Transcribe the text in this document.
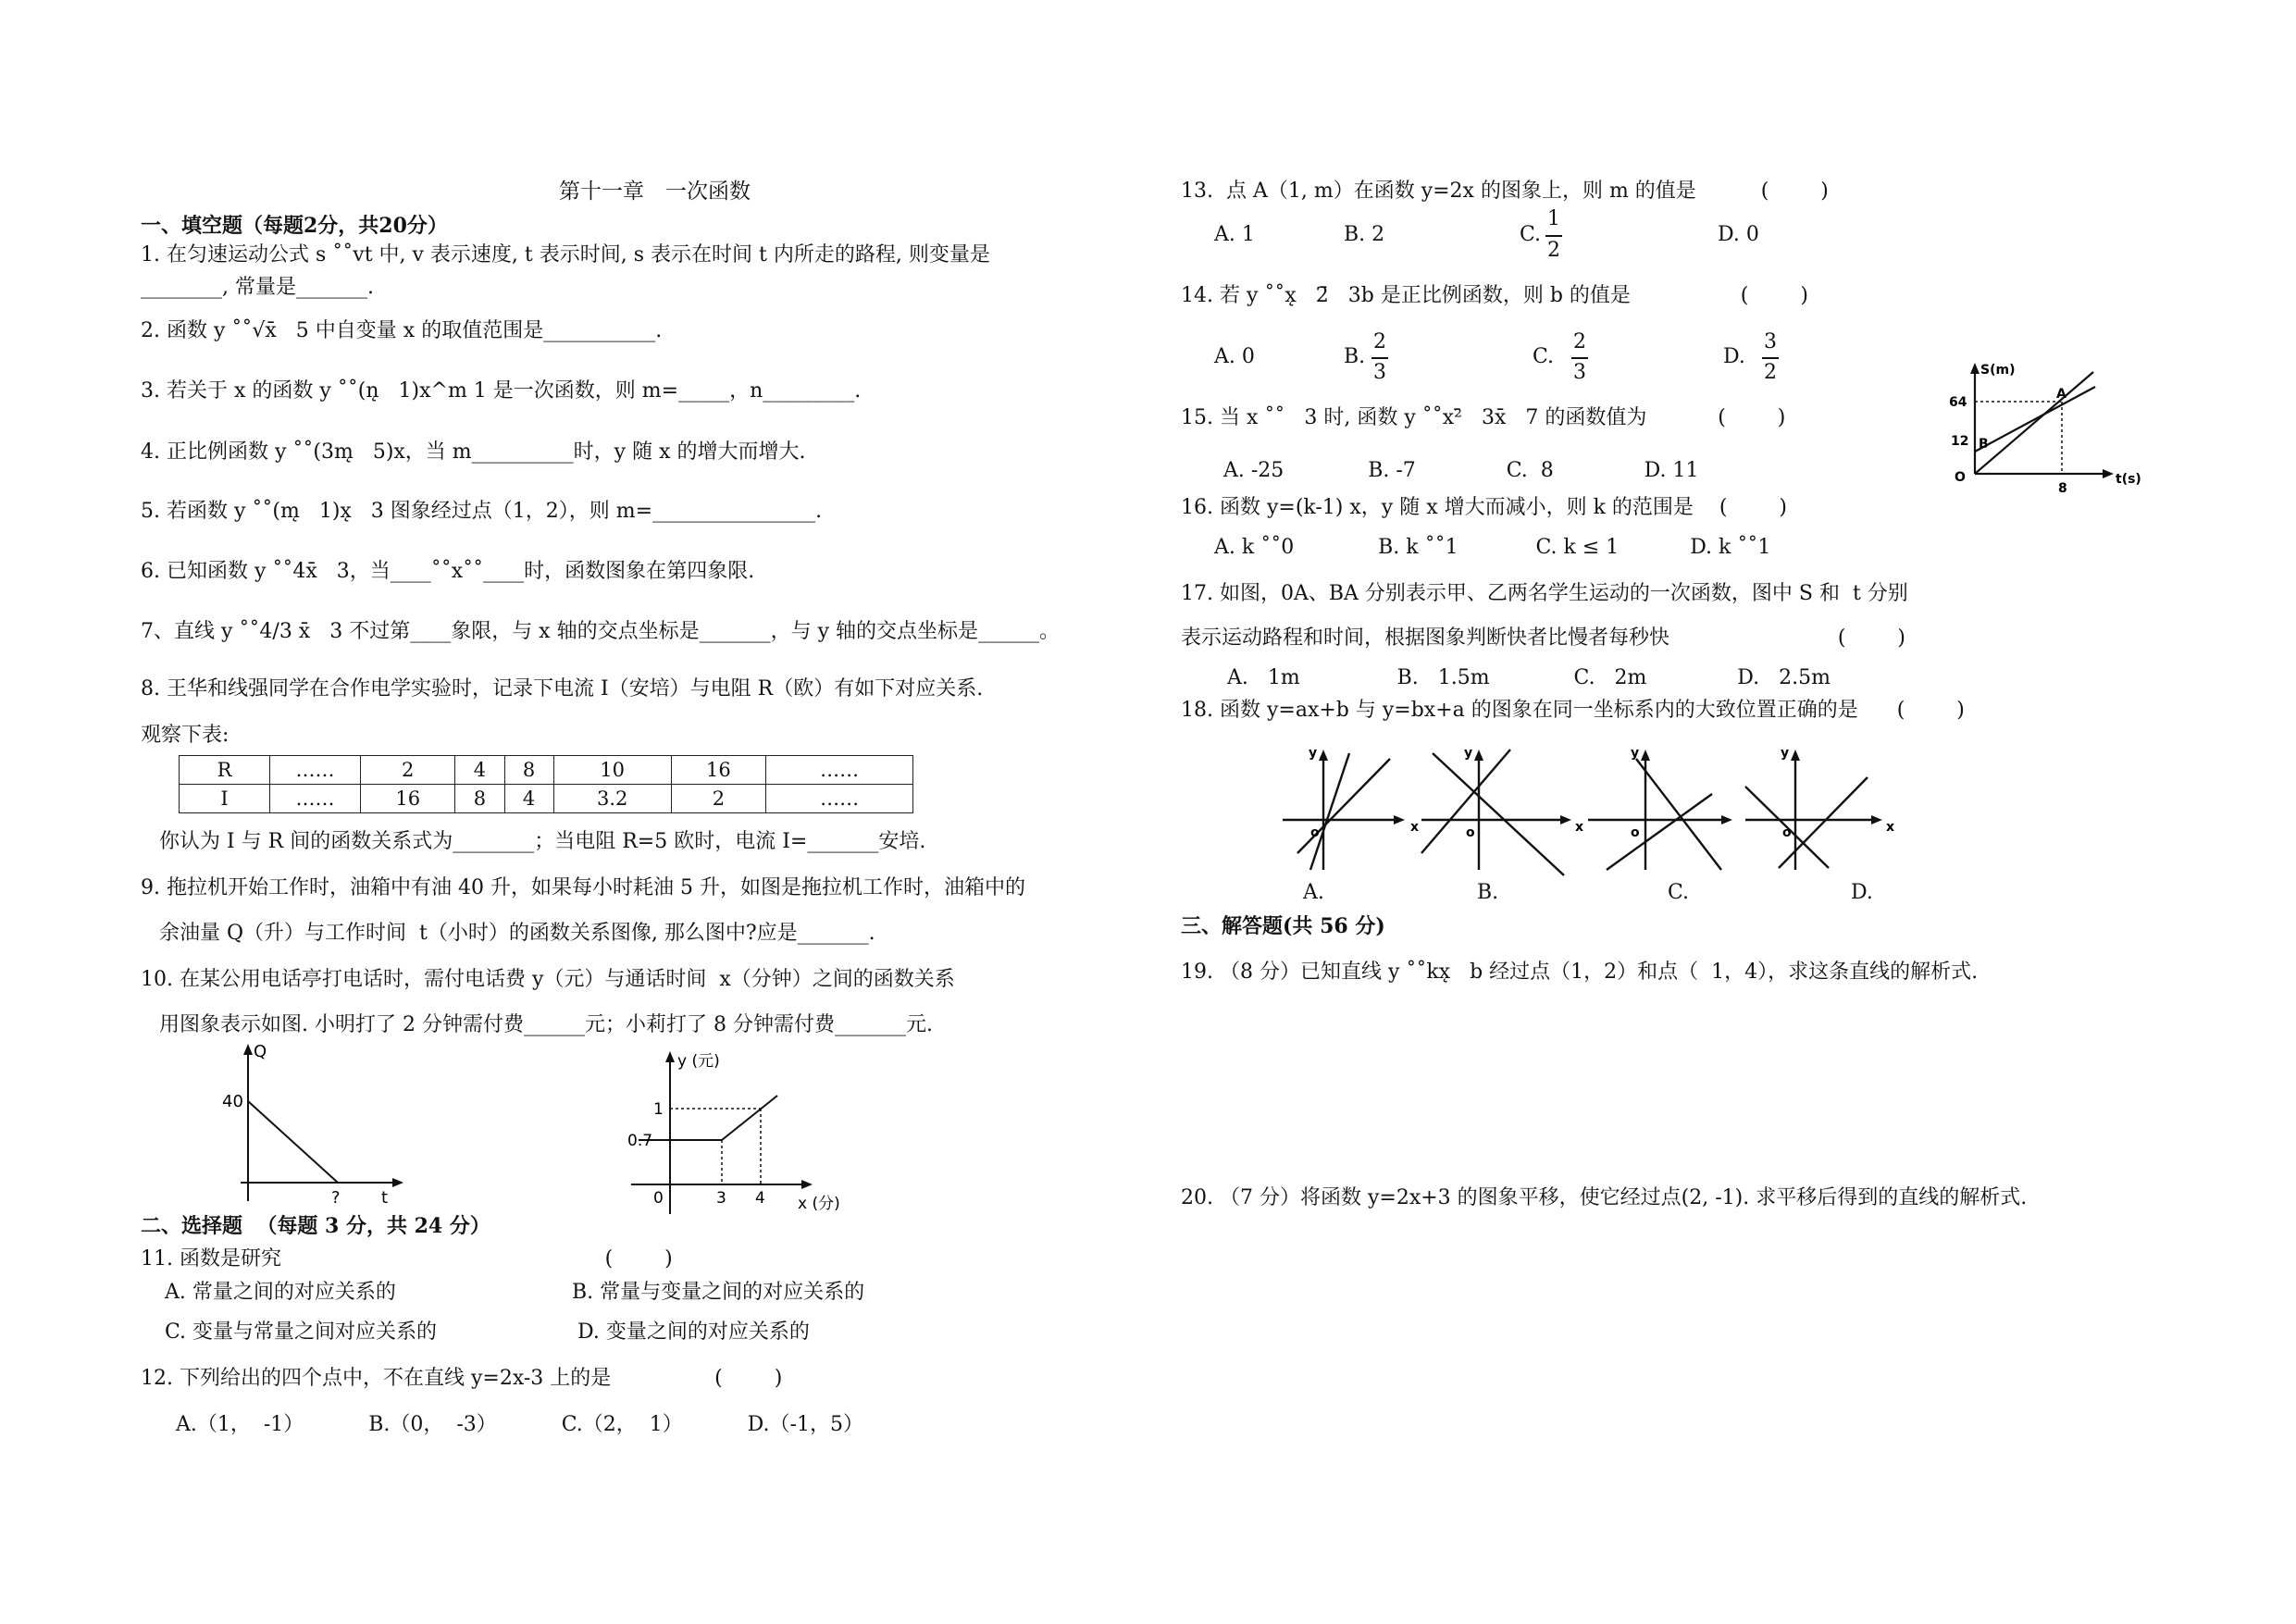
第十一章　一次函数
一、填空题（每题2分，共20分）
1. 在匀速运动公式 s ˚˚vt 中, v 表示速度, t 表示时间, s 表示在时间 t 内所走的路程, 则变量是
________, 常量是_______.
2. 函数 y ˚˚√x̄   5 中自变量 x 的取值范围是___________.
3. 若关于 x 的函数 y ˚˚(n̨   1)x^m 1 是一次函数，则 m=_____，n_________.
4. 正比例函数 y ˚˚(3m̨   5)x，当 m__________时，y 随 x 的增大而增大.
5. 若函数 y ˚˚(m̨   1)x̨   3 图象经过点（1，2），则 m=________________.
6. 已知函数 y ˚˚4x̄   3，当____˚˚x˚˚____时，函数图象在第四象限.
7、直线 y ˚˚4/3 x̄   3 不过第____象限，与 x 轴的交点坐标是_______，与 y 轴的交点坐标是______。
8. 王华和线强同学在合作电学实验时，记录下电流 I（安培）与电阻 R（欧）有如下对应关系.
观察下表:
R	……	2	4	8	10	16	……
I	……	16	8	4	3.2	2	……
你认为 I 与 R 间的函数关系式为________；当电阻 R=5 欧时，电流 I=_______安培.
9. 拖拉机开始工作时，油箱中有油 40 升，如果每小时耗油 5 升，如图是拖拉机工作时，油箱中的
余油量 Q（升）与工作时间  t（小时）的函数关系图像, 那么图中?应是_______.
10. 在某公用电话亭打电话时，需付电话费 y（元）与通话时间  x（分钟）之间的函数关系
用图象表示如图. 小明打了 2 分钟需付费______元；小莉打了 8 分钟需付费_______元.
Q
40
? t
y (元)
1
0.7
0	3 4 x (分)
二、选择题  （每题 3 分，共 24 分）
11. 函数是研究                                                  (        )
A. 常量之间的对应关系的	B. 常量与变量之间的对应关系的
C. 变量与常量之间对应关系的	D. 变量之间的对应关系的
12. 下列给出的四个点中，不在直线 y=2x-3 上的是                (        )
A.（1，  -1）          B.（0，  -3）          C.（2，  1）          D.（-1，5）
13.  点 A（1, m）在函数 y=2x 的图象上，则 m 的值是          (        )
A. 1	B. 2	C.
1
2
D. 0
14. 若 y ˚˚x̨   2̄   3b 是正比例函数，则 b 的值是                 (        )
A. 0	B.
2
3
C.
2
3
D.
3
2
15. 当 x ˚˚   3 时, 函数 y ˚˚x²̄   3x̄   7 的函数值为           (        )
A. -25             B. -7              C.  8              D. 11
16. 函数 y=(k-1) x，y 随 x 增大而减小，则 k 的范围是    (        )
A. k ˚˚0             B. k ˚˚1            C. k ≤ 1           D. k ˚˚1
S(m)
64
12 B
A
O
8
t(s)
17. 如图，0A、BA 分别表示甲、乙两名学生运动的一次函数，图中 S 和  t 分别
表示运动路程和时间，根据图象判断快者比慢者每秒快                          (        )
A.   1m               B.   1.5m             C.   2m              D.   2.5m
18. 函数 y=ax+b 与 y=bx+a 的图象在同一坐标系内的大致位置正确的是      (        )
y
o	x
y
o	x
y
o
y
o	x
A.	B.	C.	D.
三、解答题(共 56 分)
19. （8 分）已知直线 y ˚˚kx̨   b 经过点（1，2）和点（  1，4），求这条直线的解析式.
20. （7 分）将函数 y=2x+3 的图象平移，使它经过点(2, -1). 求平移后得到的直线的解析式.
